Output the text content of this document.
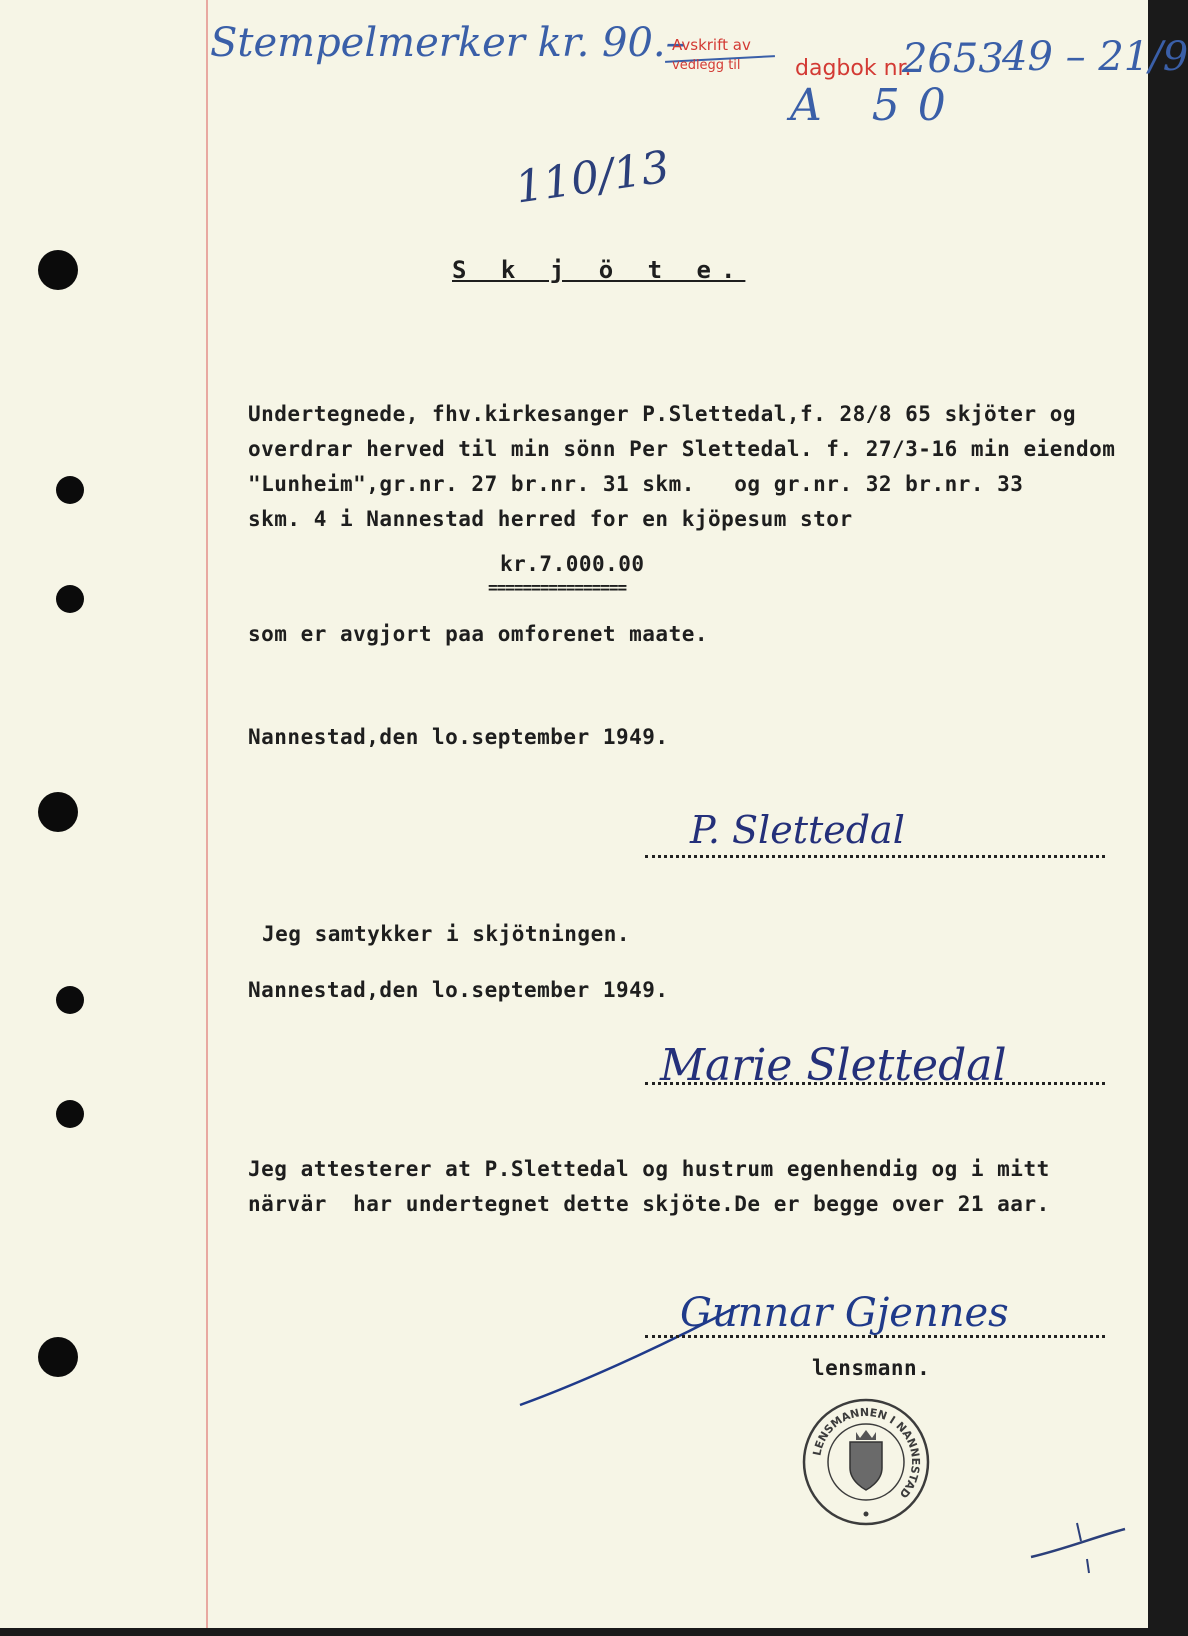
Stempelmerker kr. 90.–
Avskrift av
vedlegg til dagbok nr.
2653
49 – 21/9
A 50
110/13
S k j ö t e.
Undertegnede, fhv.kirkesanger P.Slettedal,f. 28/8 65 skjöter og
overdrar herved til min sönn Per Slettedal. f. 27/3-16 min eiendom
"Lunheim",gr.nr. 27 br.nr. 31 skm.   og gr.nr. 32 br.nr. 33
skm. 4 i Nannestad herred for en kjöpesum stor
kr.7.000.00
================
som er avgjort paa omforenet maate.
Nannestad,den lo.september 1949.
P. Slettedal
Jeg samtykker i skjötningen.
Nannestad,den lo.september 1949.
Marie Slettedal
Jeg attesterer at P.Slettedal og hustrum egenhendig og i mitt
närvär  har undertegnet dette skjöte.De er begge over 21 aar.
Gunnar Gjennes
lensmann.
LENSMANNEN I NANNESTAD
